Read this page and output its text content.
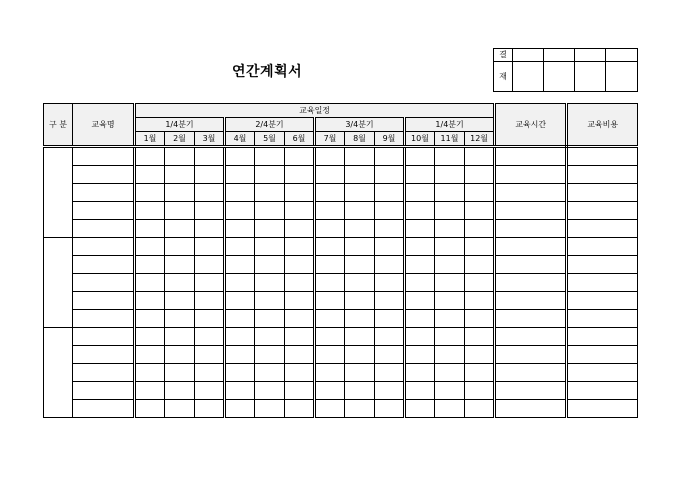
연간계획서
결				
재				
구 분	교육명	교육일정												교육시간	교육비용
		1/4분기			2/4분기			3/4분기			1/4분기				
		1월	2월	3월	4월	5월	6월	7월	8월	9월	10월	11월	12월		
